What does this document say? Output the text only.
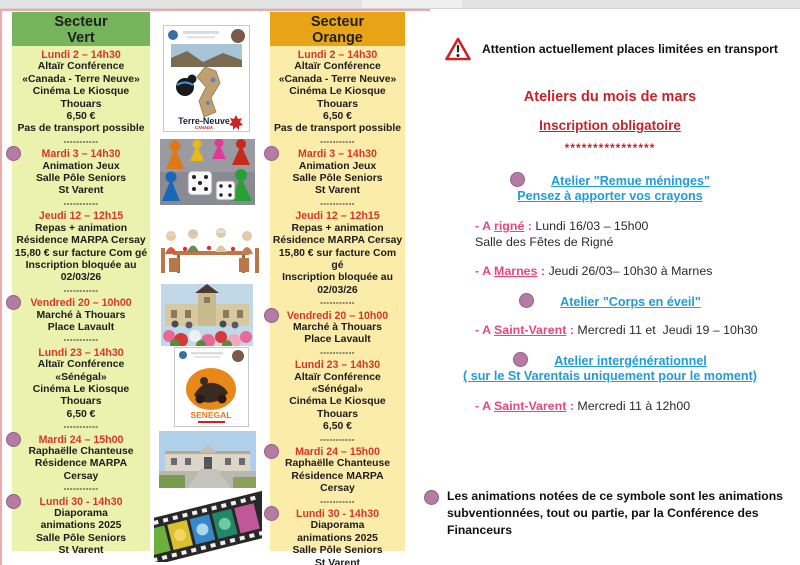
Secteur
Vert
Lundi 2 – 14h30
Altaïr Conférence
«Canada - Terre Neuve»
Cinéma Le Kiosque
Thouars
6,50 €
Pas de transport possible
-----------
Mardi 3 – 14h30
Animation Jeux
Salle Pôle Seniors
St Varent
-----------
Jeudi 12 – 12h15
Repas + animation
Résidence MARPA Cersay
15,80 € sur facture Com gé
Inscription bloquée au
02/03/26
-----------
Vendredi 20 – 10h00
Marché à Thouars
Place Lavault
-----------
Lundi 23 – 14h30
Altaïr Conférence
«Sénégal»
Cinéma Le Kiosque
Thouars
6,50 €
-----------
Mardi 24 – 15h00
Raphaëlle Chanteuse
Résidence MARPA
Cersay
-----------
Lundi 30 - 14h30
Diaporama
animations 2025
Salle Pôle Seniors
St Varent
Secteur
Orange
Lundi 2 – 14h30
Altaïr Conférence
«Canada - Terre Neuve»
Cinéma Le Kiosque
Thouars
6,50 €
Pas de transport possible
-----------
Mardi 3 – 14h30
Animation Jeux
Salle Pôle Seniors
St Varent
-----------
Jeudi 12 – 12h15
Repas + animation
Résidence MARPA Cersay
15,80 € sur facture Com gé
Inscription bloquée au
02/03/26
-----------
Vendredi 20 – 10h00
Marché à Thouars
Place Lavault
-----------
Lundi 23 – 14h30
Altaïr Conférence
«Sénégal»
Cinéma Le Kiosque
Thouars
6,50 €
-----------
Mardi 24 – 15h00
Raphaëlle Chanteuse
Résidence MARPA
Cersay
-----------
Lundi 30 - 14h30
Diaporama
animations 2025
Salle Pôle Seniors
St Varent
Terre-Neuve
CANADA
SENEGAL
Attention actuellement places limitées en transport
Ateliers du mois de mars
Inscription obligatoire
****************
Atelier "Remue méninges"
Pensez à apporter vos crayons
- A rigné : Lundi 16/03 – 15h00
Salle des Fêtes de Rigné
- A Marnes : Jeudi 26/03– 10h30 à Marnes
Atelier "Corps en éveil"
- A Saint-Varent : Mercredi 11 et  Jeudi 19 – 10h30
Atelier intergénérationnel
( sur le St Varentais uniquement pour le moment)
- A Saint-Varent : Mercredi 11 à 12h00
Les animations notées de ce symbole sont les animations
subventionnées, tout ou partie, par la Conférence des Financeurs
